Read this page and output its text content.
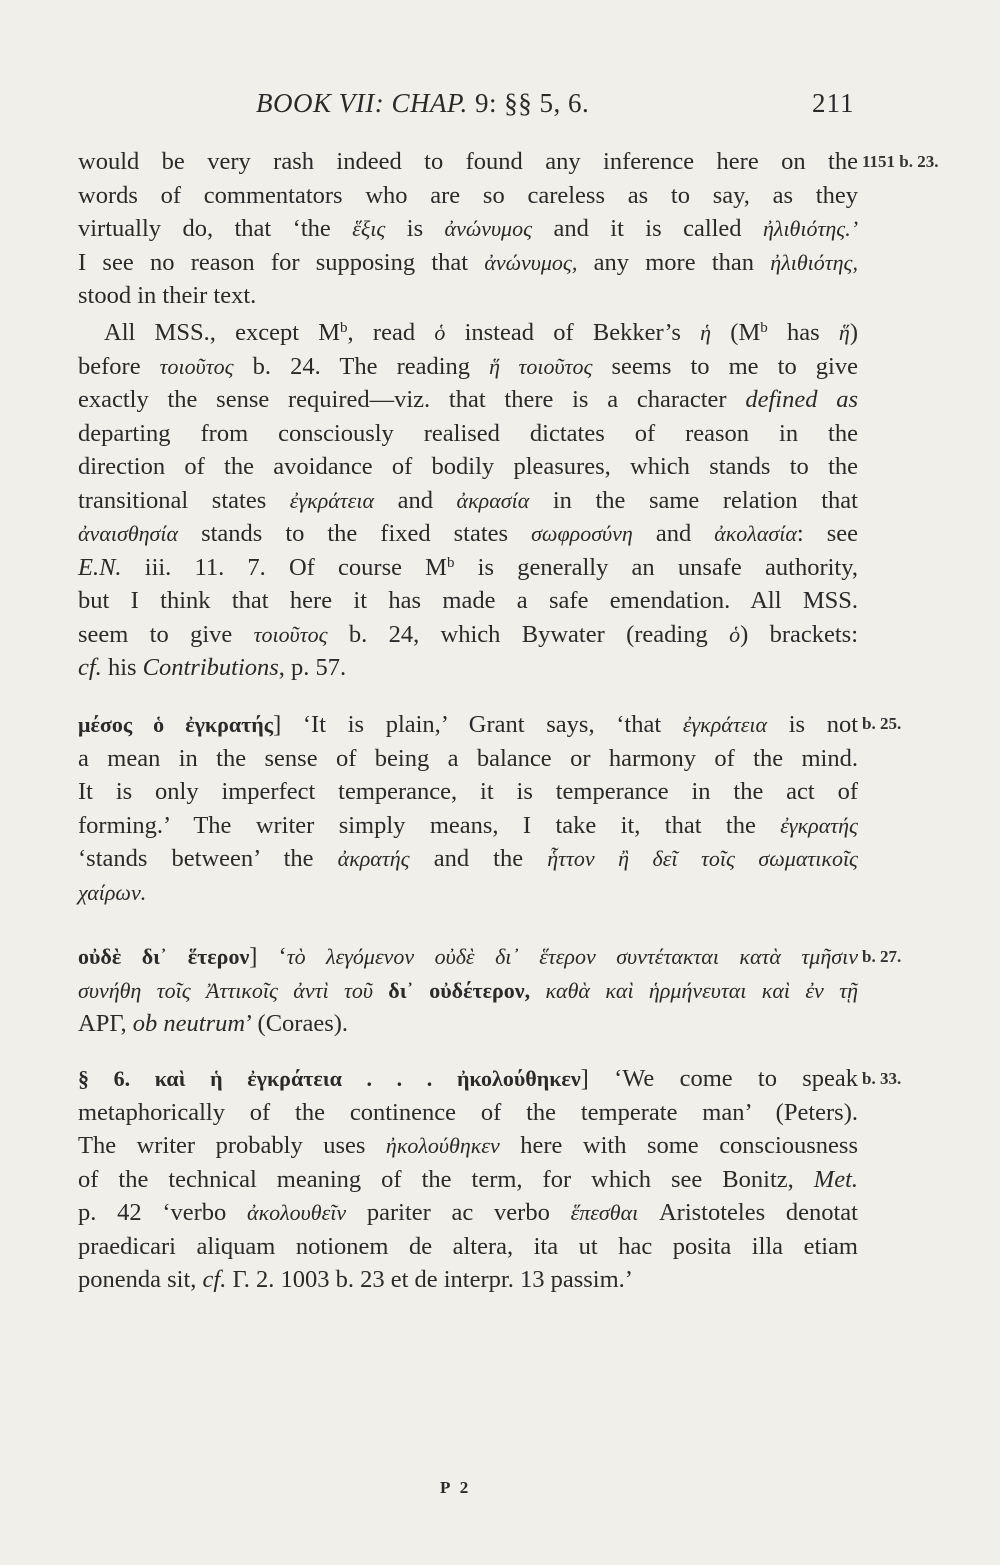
BOOK VII: CHAP. 9: §§ 5, 6.	211
1151 b. 23.
b. 25.
b. 27.
b. 33.
would be very rash indeed to found any inference here on the
words of commentators who are so careless as to say, as they
virtually do, that ‘the ἕξις is ἀνώνυμος and it is called ἠλιθιότης.’
I see no reason for supposing that ἀνώνυμος, any more than ἠλιθιότης,
stood in their text.
All MSS., except $M^b$, read ὁ instead of Bekker’s ἡ ($M^b$ has ἥ)
before τοιοῦτος b. 24. The reading ἥ τοιοῦτος seems to me to give
exactly the sense required—viz. that there is a character defined as
departing from consciously realised dictates of reason in the
direction of the avoidance of bodily pleasures, which stands to the
transitional states ἐγκράτεια and ἀκρασία in the same relation that
ἀναισθησία stands to the fixed states σωφροσύνη and ἀκολασία: see
E.N. iii. 11. 7. Of course $M^b$ is generally an unsafe authority,
but I think that here it has made a safe emendation. All MSS.
seem to give τοιοῦτος b. 24, which Bywater (reading ὁ) brackets:
cf. his Contributions, p. 57.
μέσος ὁ ἐγκρατής] ‘It is plain,’ Grant says, ‘that ἐγκράτεια is not
a mean in the sense of being a balance or harmony of the mind.
It is only imperfect temperance, it is temperance in the act of
forming.’ The writer simply means, I take it, that the ἐγκρατής
‘stands between’ the ἀκρατής and the ἧττον ἢ δεῖ τοῖς σωματικοῖς
χαίρων.
οὐδὲ δι᾽ ἕτερον] ‘τὸ λεγόμενον οὐδὲ δι᾽ ἕτερον συντέτακται κατὰ τμῆσιν
συνήθη τοῖς Ἀττικοῖς ἀντὶ τοῦ δι᾽ οὐδέτερον, καθὰ καὶ ἡρμήνευται καὶ ἐν τῇ
ΑΡΓ, ob neutrum’ (Coraes).
§ 6. καὶ ἡ ἐγκράτεια . . . ἠκολούθηκεν] ‘We come to speak
metaphorically of the continence of the temperate man’ (Peters).
The writer probably uses ἠκολούθηκεν here with some consciousness
of the technical meaning of the term, for which see Bonitz, Met.
p. 42 ‘verbo ἀκολουθεῖν pariter ac verbo ἕπεσθαι Aristoteles denotat
praedicari aliquam notionem de altera, ita ut hac posita illa etiam
ponenda sit, cf. Γ. 2. 1003 b. 23 et de interpr. 13 passim.’
P 2
